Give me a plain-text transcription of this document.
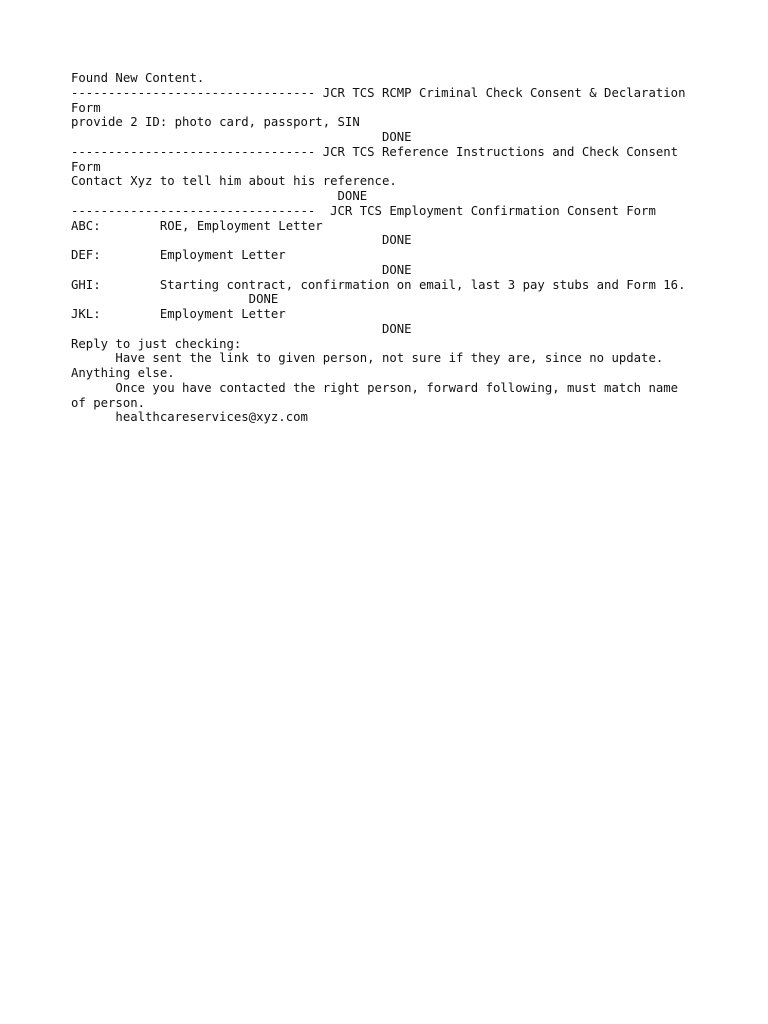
Found New Content.
--------------------------------- JCR TCS RCMP Criminal Check Consent & Declaration
Form
provide 2 ID: photo card, passport, SIN
DONE
--------------------------------- JCR TCS Reference Instructions and Check Consent
Form
Contact Xyz to tell him about his reference.
DONE
---------------------------------  JCR TCS Employment Confirmation Consent Form
ABC:        ROE, Employment Letter
DONE
DEF:        Employment Letter
DONE
GHI:        Starting contract, confirmation on email, last 3 pay stubs and Form 16.
DONE
JKL:        Employment Letter
DONE
Reply to just checking:
Have sent the link to given person, not sure if they are, since no update.
Anything else.
Once you have contacted the right person, forward following, must match name
of person.
healthcareservices@xyz.com
